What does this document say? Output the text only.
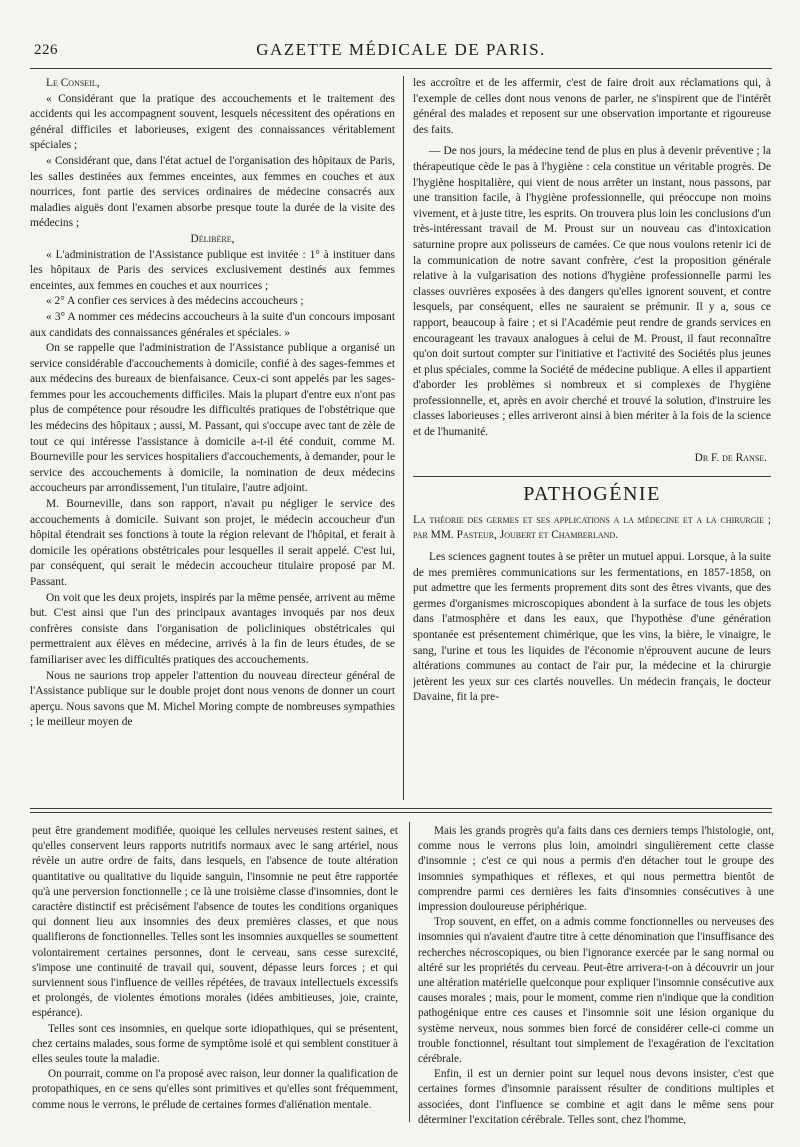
226	GAZETTE MÉDICALE DE PARIS.

Le Conseil,

« Considérant que la pratique des accouchements et le traitement des accidents qui les accompagnent souvent, lesquels nécessitent des opérations en général difficiles et laborieuses, exigent des connaissances véritablement spéciales ;

« Considérant que, dans l'état actuel de l'organisation des hôpitaux de Paris, les salles destinées aux femmes enceintes, aux femmes en couches et aux nourrices, font partie des services ordinaires de médecine consacrés aux maladies aiguës dont l'examen absorbe presque toute la durée de la visite des médecins ;

Délibère,

« L'administration de l'Assistance publique est invitée : 1° à instituer dans les hôpitaux de Paris des services exclusivement destinés aux femmes enceintes, aux femmes en couches et aux nourrices ;

« 2° A confier ces services à des médecins accoucheurs ;

« 3° A nommer ces médecins accoucheurs à la suite d'un concours imposant aux candidats des connaissances générales et spéciales. »

On se rappelle que l'administration de l'Assistance publique a organisé un service considérable d'accouchements à domicile, confié à des sages-femmes et aux médecins des bureaux de bienfaisance. Ceux-ci sont appelés par les sages-femmes pour les accouchements difficiles. Mais la plupart d'entre eux n'ont pas plus de compétence pour résoudre les difficultés pratiques de l'obstétrique que les médecins des hôpitaux ; aussi, M. Passant, qui s'occupe avec tant de zèle de tout ce qui intéresse l'assistance à domicile a-t-il été conduit, comme M. Bourneville pour les services hospitaliers d'accouchements, à demander, pour le service des accouchements à domicile, la nomination de deux médecins accoucheurs par arrondissement, l'un titulaire, l'autre adjoint.

M. Bourneville, dans son rapport, n'avait pu négliger le service des accouchements à domicile. Suivant son projet, le médecin accoucheur d'un hôpital étendrait ses fonctions à toute la région relevant de l'hôpital, et ferait à domicile les opérations obstétricales pour lesquelles il serait appelé. C'est lui, par conséquent, qui serait le médecin accoucheur titulaire proposé par M. Passant.

On voit que les deux projets, inspirés par la même pensée, arrivent au même but. C'est ainsi que l'un des principaux avantages invoqués par nos deux confrères consiste dans l'organisation de policliniques obstétricales qui permettraient aux élèves en médecine, arrivés à la fin de leurs études, de se familiariser avec les difficultés pratiques des accouchements.

Nous ne saurions trop appeler l'attention du nouveau directeur général de l'Assistance publique sur le double projet dont nous venons de donner un court aperçu. Nous savons que M. Michel Moring compte de nombreuses sympathies ; le meilleur moyen de

les accroître et de les affermir, c'est de faire droit aux réclamations qui, à l'exemple de celles dont nous venons de parler, ne s'inspirent que de l'intérêt général des malades et reposent sur une observation importante et rigoureuse des faits.

— De nos jours, la médecine tend de plus en plus à devenir préventive ; la thérapeutique cède le pas à l'hygiène : cela constitue un véritable progrès. De l'hygiène hospitalière, qui vient de nous arrêter un instant, nous passons, par une transition facile, à l'hygiène professionnelle, qui préoccupe non moins vivement, et à juste titre, les esprits. On trouvera plus loin les conclusions d'un très-intéressant travail de M. Proust sur un nouveau cas d'intoxication saturnine propre aux polisseurs de camées. Ce que nous voulons retenir ici de la communication de notre savant confrère, c'est la proposition générale relative à la vulgarisation des notions d'hygiène professionnelle parmi les classes ouvrières exposées à des dangers qu'elles ignorent souvent, et contre lesquels, par conséquent, elles ne sauraient se prémunir. Il y a, sous ce rapport, beaucoup à faire ; et si l'Académie peut rendre de grands services en encourageant les travaux analogues à celui de M. Proust, il faut reconnaître qu'on doit surtout compter sur l'initiative et l'activité des Sociétés plus jeunes et plus spéciales, comme la Société de médecine publique. A elles il appartient d'aborder les problèmes si nombreux et si complexes de l'hygiène professionnelle, et, après en avoir cherché et trouvé la solution, d'instruire les classes laborieuses ; elles arriveront ainsi à bien mériter à la fois de la science et de l'humanité.

Dr F. de Ranse.

PATHOGÉNIE

La théorie des germes et ses applications a la médecine et a la chirurgie ; par MM. Pasteur, Joubert et Chamberland.

Les sciences gagnent toutes à se prêter un mutuel appui. Lorsque, à la suite de mes premières communications sur les fermentations, en 1857-1858, on put admettre que les ferments proprement dits sont des êtres vivants, que des germes d'organismes microscopiques abondent à la surface de tous les objets dans l'atmosphère et dans les eaux, que l'hypothèse d'une génération spontanée est présentement chimérique, que les vins, la bière, le vinaigre, le sang, l'urine et tous les liquides de l'économie n'éprouvent aucune de leurs altérations communes au contact de l'air pur, la médecine et la chirurgie jetèrent les yeux sur ces clartés nouvelles. Un médecin français, le docteur Davaine, fit la pre-

peut être grandement modifiée, quoique les cellules nerveuses restent saines, et qu'elles conservent leurs rapports nutritifs normaux avec le sang artériel, nous révèle un autre ordre de faits, dans lesquels, en l'absence de toute altération quantitative ou qualitative du liquide sanguin, l'insomnie ne peut être rapportée qu'à une perversion fonctionnelle ; ce là une troisième classe d'insomnies, dont le caractère distinctif est précisément l'absence de toutes les conditions organiques qui donnent lieu aux insomnies des deux premières classes, et que nous qualifierons de fonctionnelles. Telles sont les insomnies auxquelles se soumettent volontairement certaines personnes, dont le cerveau, sans cesse surexcité, s'impose une continuité de travail qui, souvent, dépasse leurs forces ; et qui surviennent sous l'influence de veilles répétées, de travaux intellectuels excessifs et prolongés, de violentes émotions morales (idées ambitieuses, joie, crainte, espérance).

Telles sont ces insomnies, en quelque sorte idiopathiques, qui se présentent, chez certains malades, sous forme de symptôme isolé et qui semblent constituer à elles seules toute la maladie.

On pourrait, comme on l'a proposé avec raison, leur donner la qualification de protopathiques, en ce sens qu'elles sont primitives et qu'elles sont fréquemment, comme nous le verrons, le prélude de certaines formes d'aliénation mentale.

Mais les grands progrès qu'a faits dans ces derniers temps l'histologie, ont, comme nous le verrons plus loin, amoindri singulièrement cette classe d'insomnie ; c'est ce qui nous a permis d'en détacher tout le groupe des insomnies sympathiques et réflexes, et qui nous permettra bientôt de comprendre parmi ces dernières les faits d'insomnies consécutives à une impression douloureuse périphérique.

Trop souvent, en effet, on a admis comme fonctionnelles ou nerveuses des insomnies qui n'avaient d'autre titre à cette dénomination que l'insuffisance des recherches nécroscopiques, ou bien l'ignorance exercée par le sang normal ou altéré sur les propriétés du cerveau. Peut-être arrivera-t-on à découvrir un jour une altération matérielle quelconque pour expliquer l'insomnie consécutive aux causes morales ; mais, pour le moment, comme rien n'indique que la condition pathogénique entre ces causes et l'insomnie soit une lésion organique du système nerveux, nous sommes bien forcé de considérer celle-ci comme un trouble fonctionnel, résultant tout simplement de l'exagération de l'excitation cérébrale.

Enfin, il est un dernier point sur lequel nous devons insister, c'est que certaines formes d'insomnie paraissent résulter de conditions multiples et associées, dont l'influence se combine et agit dans le même sens pour déterminer l'excitation cérébrale. Telles sont, chez l'homme,
